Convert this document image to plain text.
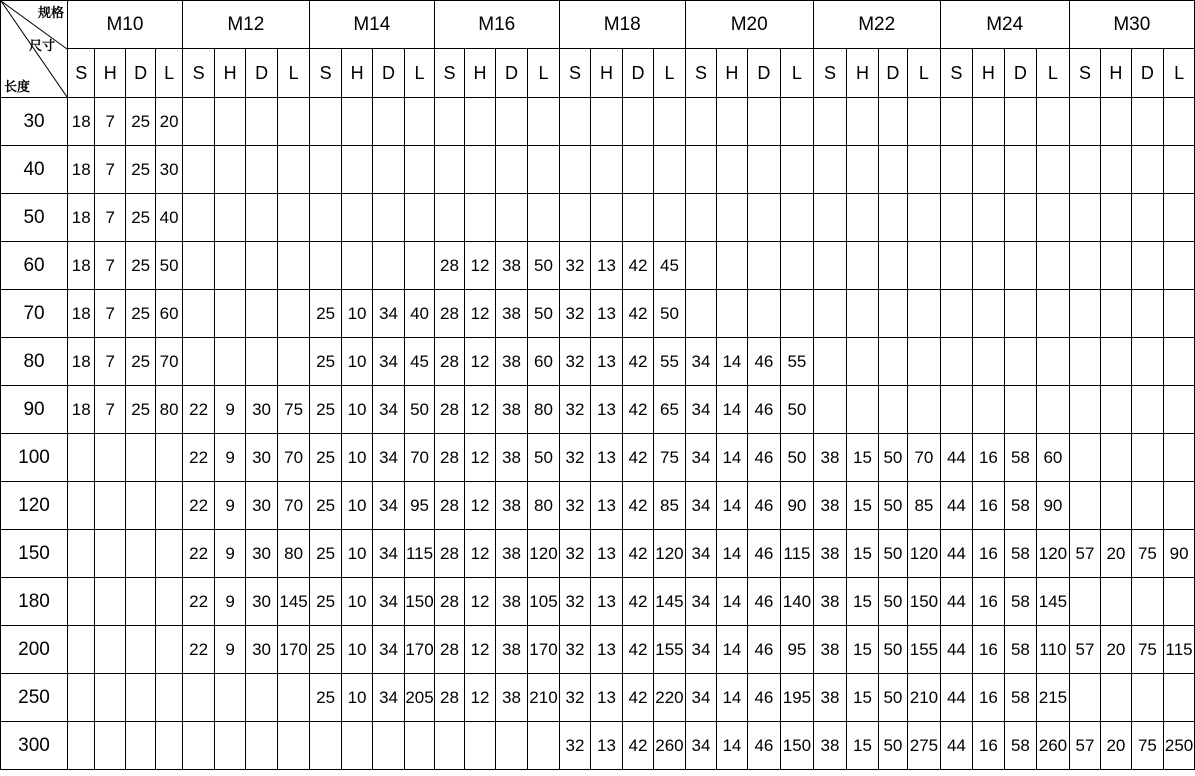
规格
尺寸
长度	M10				M12				M14				M16				M18				M20				M22				M24				M30			
	S	H	D	L	S	H	D	L	S	H	D	L	S	H	D	L	S	H	D	L	S	H	D	L	S	H	D	L	S	H	D	L	S	H	D	L
30	18	7	25	20																																
40	18	7	25	30																																
50	18	7	25	40																																
60	18	7	25	50									28	12	38	50	32	13	42	45																
70	18	7	25	60					25	10	34	40	28	12	38	50	32	13	42	50																
80	18	7	25	70					25	10	34	45	28	12	38	60	32	13	42	55	34	14	46	55												
90	18	7	25	80	22	9	30	75	25	10	34	50	28	12	38	80	32	13	42	65	34	14	46	50												
100					22	9	30	70	25	10	34	70	28	12	38	50	32	13	42	75	34	14	46	50	38	15	50	70	44	16	58	60				
120					22	9	30	70	25	10	34	95	28	12	38	80	32	13	42	85	34	14	46	90	38	15	50	85	44	16	58	90				
150					22	9	30	80	25	10	34	115	28	12	38	120	32	13	42	120	34	14	46	115	38	15	50	120	44	16	58	120	57	20	75	90
180					22	9	30	145	25	10	34	150	28	12	38	105	32	13	42	145	34	14	46	140	38	15	50	150	44	16	58	145				
200					22	9	30	170	25	10	34	170	28	12	38	170	32	13	42	155	34	14	46	95	38	15	50	155	44	16	58	110	57	20	75	115
250									25	10	34	205	28	12	38	210	32	13	42	220	34	14	46	195	38	15	50	210	44	16	58	215				
300																	32	13	42	260	34	14	46	150	38	15	50	275	44	16	58	260	57	20	75	250
